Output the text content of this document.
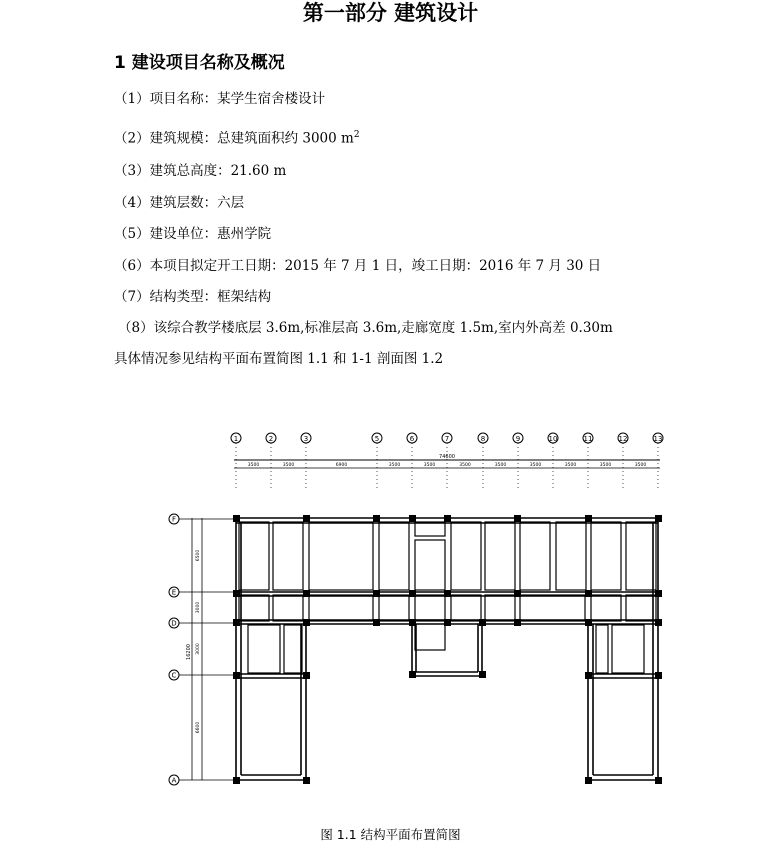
第一部分 建筑设计
1 建设项目名称及概况
（1）项目名称：某学生宿舍楼设计
（2）建筑规模：总建筑面积约 3000 $m^2$
（3）建筑总高度：21.60 m
（4）建筑层数：六层
（5）建设单位：惠州学院
（6）本项目拟定开工日期：2015 年 7 月 1 日，竣工日期：2016 年 7 月 30 日
（7）结构类型：框架结构
（8）该综合教学楼底层 3.6m,标准层高 3.6m,走廊宽度 1.5m,室内外高差 0.30m
具体情况参见结构平面布置简图 1.1 和 1-1 剖面图 1.2
1	2	3	5	6	7	8	9	10	11	12	13
F
E
D
C
A
3500	3500	6900	3500	3500	3500	3500	3500	3500	3500	3500
6500
3000
3000
6600
74600
16200
图 1.1 结构平面布置简图
